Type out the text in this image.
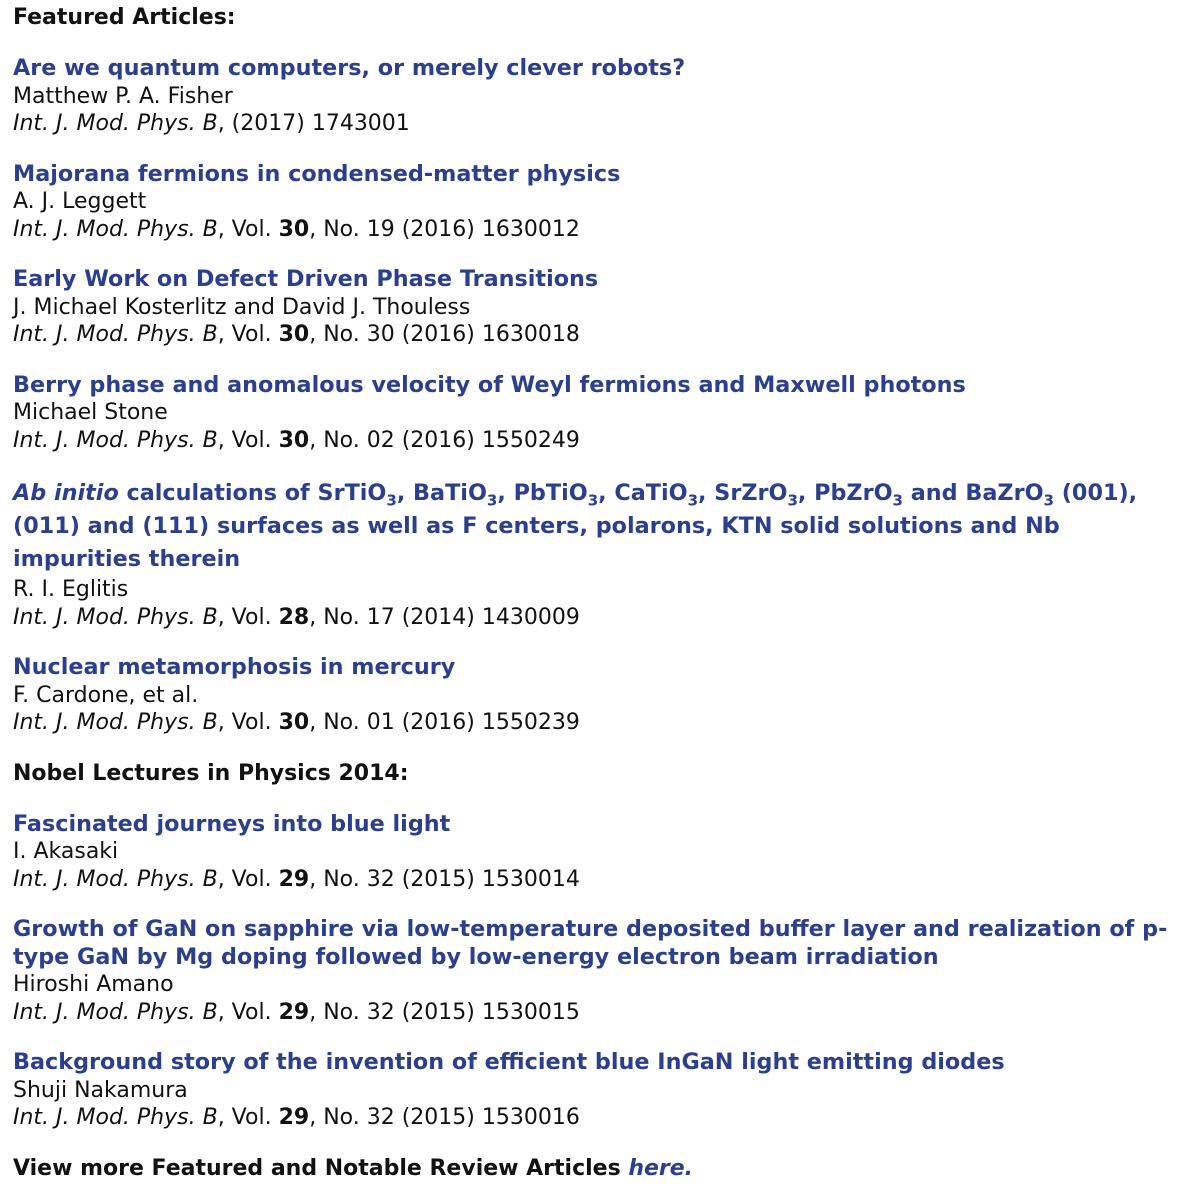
Featured Articles:
Are we quantum computers, or merely clever robots?
Matthew P. A. Fisher
Int. J. Mod. Phys. B, (2017) 1743001
Majorana fermions in condensed-matter physics
A. J. Leggett
Int. J. Mod. Phys. B, Vol. 30, No. 19 (2016) 1630012
Early Work on Defect Driven Phase Transitions
J. Michael Kosterlitz and David J. Thouless
Int. J. Mod. Phys. B, Vol. 30, No. 30 (2016) 1630018
Berry phase and anomalous velocity of Weyl fermions and Maxwell photons
Michael Stone
Int. J. Mod. Phys. B, Vol. 30, No. 02 (2016) 1550249
Ab initio calculations of SrTiO$_3$, BaTiO$_3$, PbTiO$_3$, CaTiO$_3$, SrZrO$_3$, PbZrO$_3$ and BaZrO$_3$ (001), (011) and (111) surfaces as well as F centers, polarons, KTN solid solutions and Nb impurities therein
R. I. Eglitis
Int. J. Mod. Phys. B, Vol. 28, No. 17 (2014) 1430009
Nuclear metamorphosis in mercury
F. Cardone, et al.
Int. J. Mod. Phys. B, Vol. 30, No. 01 (2016) 1550239
Nobel Lectures in Physics 2014:
Fascinated journeys into blue light
I. Akasaki
Int. J. Mod. Phys. B, Vol. 29, No. 32 (2015) 1530014
Growth of GaN on sapphire via low-temperature deposited buffer layer and realization of p-type GaN by Mg doping followed by low-energy electron beam irradiation
Hiroshi Amano
Int. J. Mod. Phys. B, Vol. 29, No. 32 (2015) 1530015
Background story of the invention of efficient blue InGaN light emitting diodes
Shuji Nakamura
Int. J. Mod. Phys. B, Vol. 29, No. 32 (2015) 1530016
View more Featured and Notable Review Articles here.
